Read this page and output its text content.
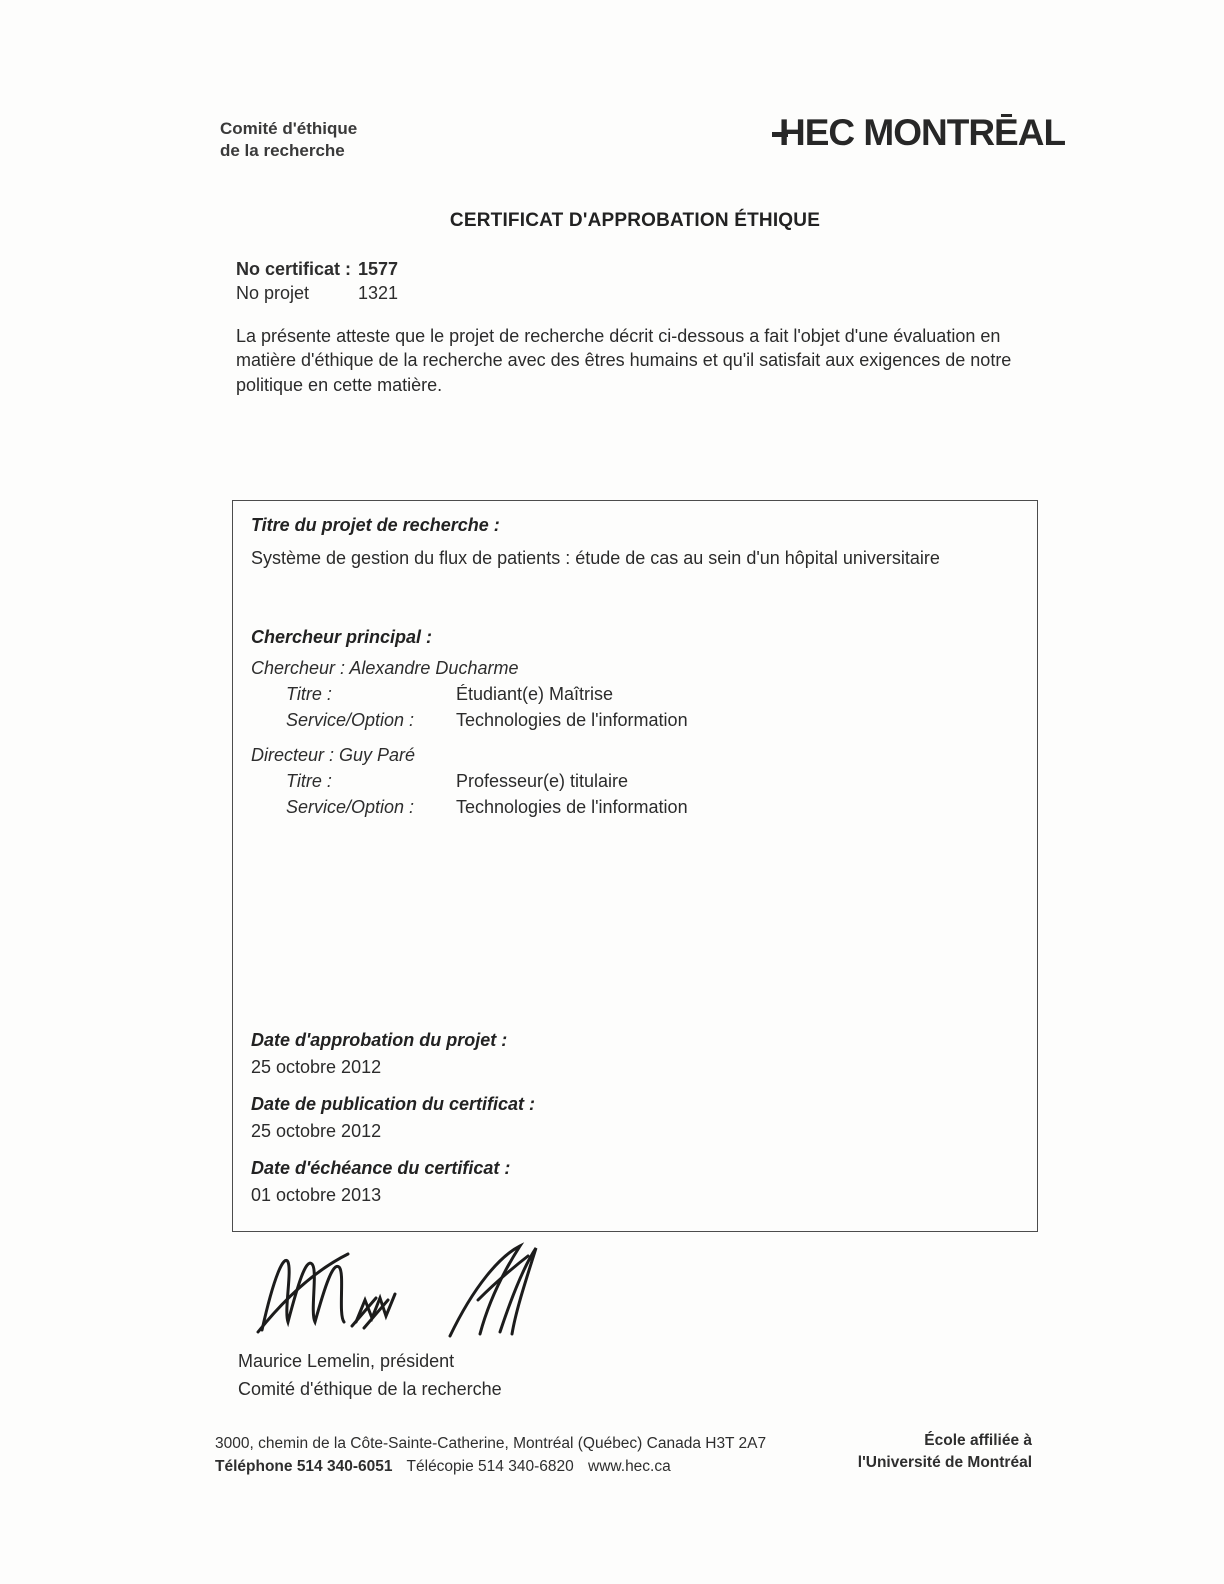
Comité d'éthique
de la recherche	HEC MONTRĒAL
CERTIFICAT D'APPROBATION ÉTHIQUE
No certificat : 1577
No projet	1321
La présente atteste que le projet de recherche décrit ci-dessous a fait l'objet d'une évaluation en matière d'éthique de la recherche avec des êtres humains et qu'il satisfait aux exigences de notre politique en cette matière.
Titre du projet de recherche :
Système de gestion du flux de patients : étude de cas au sein d'un hôpital universitaire
Chercheur principal :
Chercheur : Alexandre Ducharme
Titre :	Étudiant(e) Maîtrise
Service/Option :	Technologies de l'information
Directeur : Guy Paré
Titre :	Professeur(e) titulaire
Service/Option :	Technologies de l'information
Date d'approbation du projet :
25 octobre 2012
Date de publication du certificat :
25 octobre 2012
Date d'échéance du certificat :
01 octobre 2013
Maurice Lemelin, président
Comité d'éthique de la recherche
3000, chemin de la Côte-Sainte-Catherine, Montréal (Québec) Canada H3T 2A7
Téléphone 514 340-6051 Télécopie 514 340-6820 www.hec.ca
École affiliée à
l'Université de Montréal
